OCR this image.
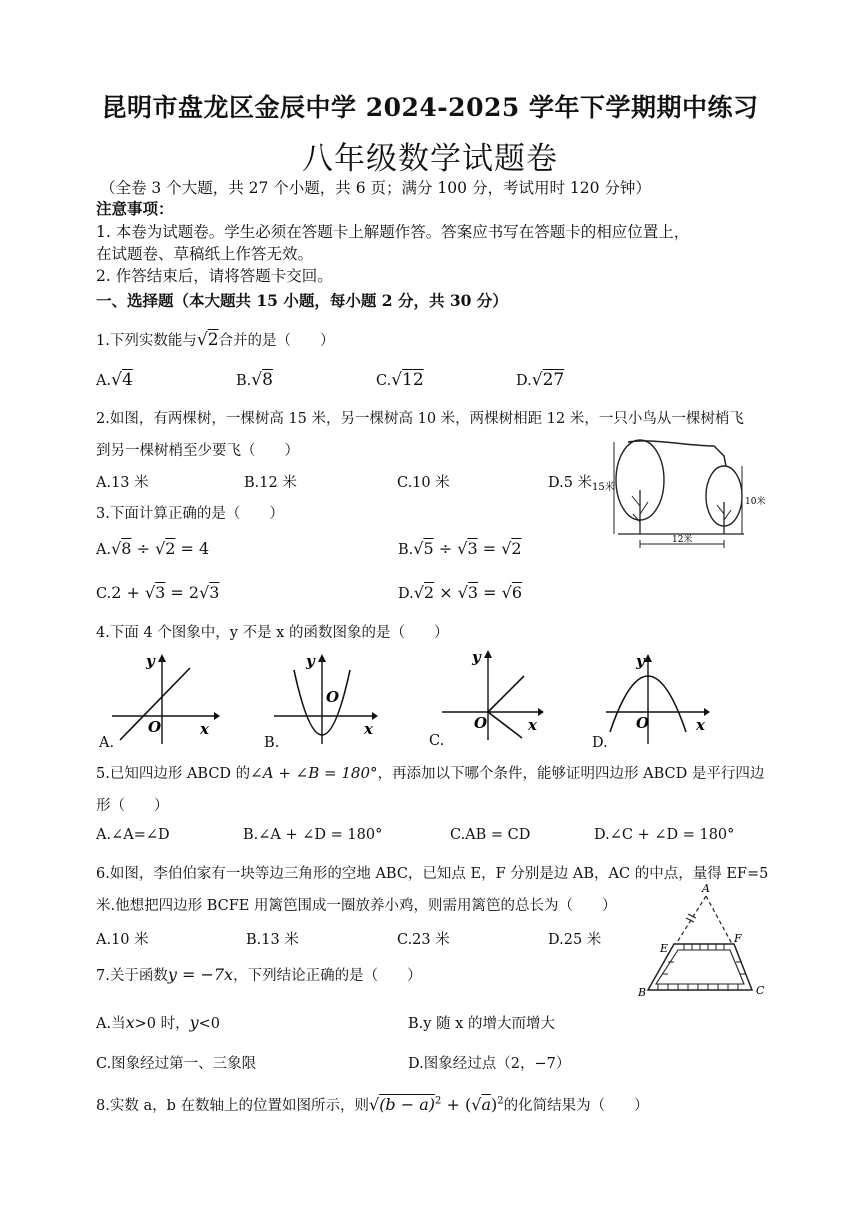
昆明市盘龙区金辰中学 2024-2025 学年下学期期中练习
八年级数学试题卷
（全卷 3 个大题，共 27 个小题，共 6 页；满分 100 分，考试用时 120 分钟）
注意事项：
1. 本卷为试题卷。学生必须在答题卡上解题作答。答案应书写在答题卡的相应位置上，
在试题卷、草稿纸上作答无效。
2. 作答结束后，请将答题卡交回。
一、选择题（本大题共 15 小题，每小题 2 分，共 30 分）
1.下列实数能与√2合并的是（　　）
A.√4	B.√8	C.√12	D.√27
2.如图，有两棵树，一棵树高 15 米，另一棵树高 10 米，两棵树相距 12 米，一只小鸟从一棵树梢飞
到另一棵树梢至少要飞（　　）
A.13 米	B.12 米	C.10 米	D.5 米 15米
10米
12米
3.下面计算正确的是（　　）
A.√8 ÷ √2 = 4	B.√5 ÷ √3 = √2
C.2 + √3 = 2√3	D.√2 × √3 = √6
4.下面 4 个图象中，y 不是 x 的函数图象的是（　　）
y
x
O
A.
y
x
O
B.
y
x
O
C.
y
x
O
D.
5.已知四边形 ABCD 的∠A + ∠B = 180°，再添加以下哪个条件，能够证明四边形 ABCD 是平行四边
形（　　）
A.∠A=∠D	B.∠A + ∠D = 180°	C.AB = CD	D.∠C + ∠D = 180°
6.如图，李伯伯家有一块等边三角形的空地 ABC，已知点 E，F 分别是边 AB，AC 的中点，量得 EF=5
米.他想把四边形 BCFE 用篱笆围成一圈放养小鸡，则需用篱笆的总长为（　　）
A.10 米	B.13 米	C.23 米	D.25 米
A
E
F
B	C
7.关于函数y = −7x，下列结论正确的是（　　）
A.当x>0 时，y<0	B.y 随 x 的增大而增大
C.图象经过第一、三象限	D.图象经过点（2，−7）
8.实数 a，b 在数轴上的位置如图所示，则$√(b - a)^2 + (√a)^2$的化简结果为（　　）
